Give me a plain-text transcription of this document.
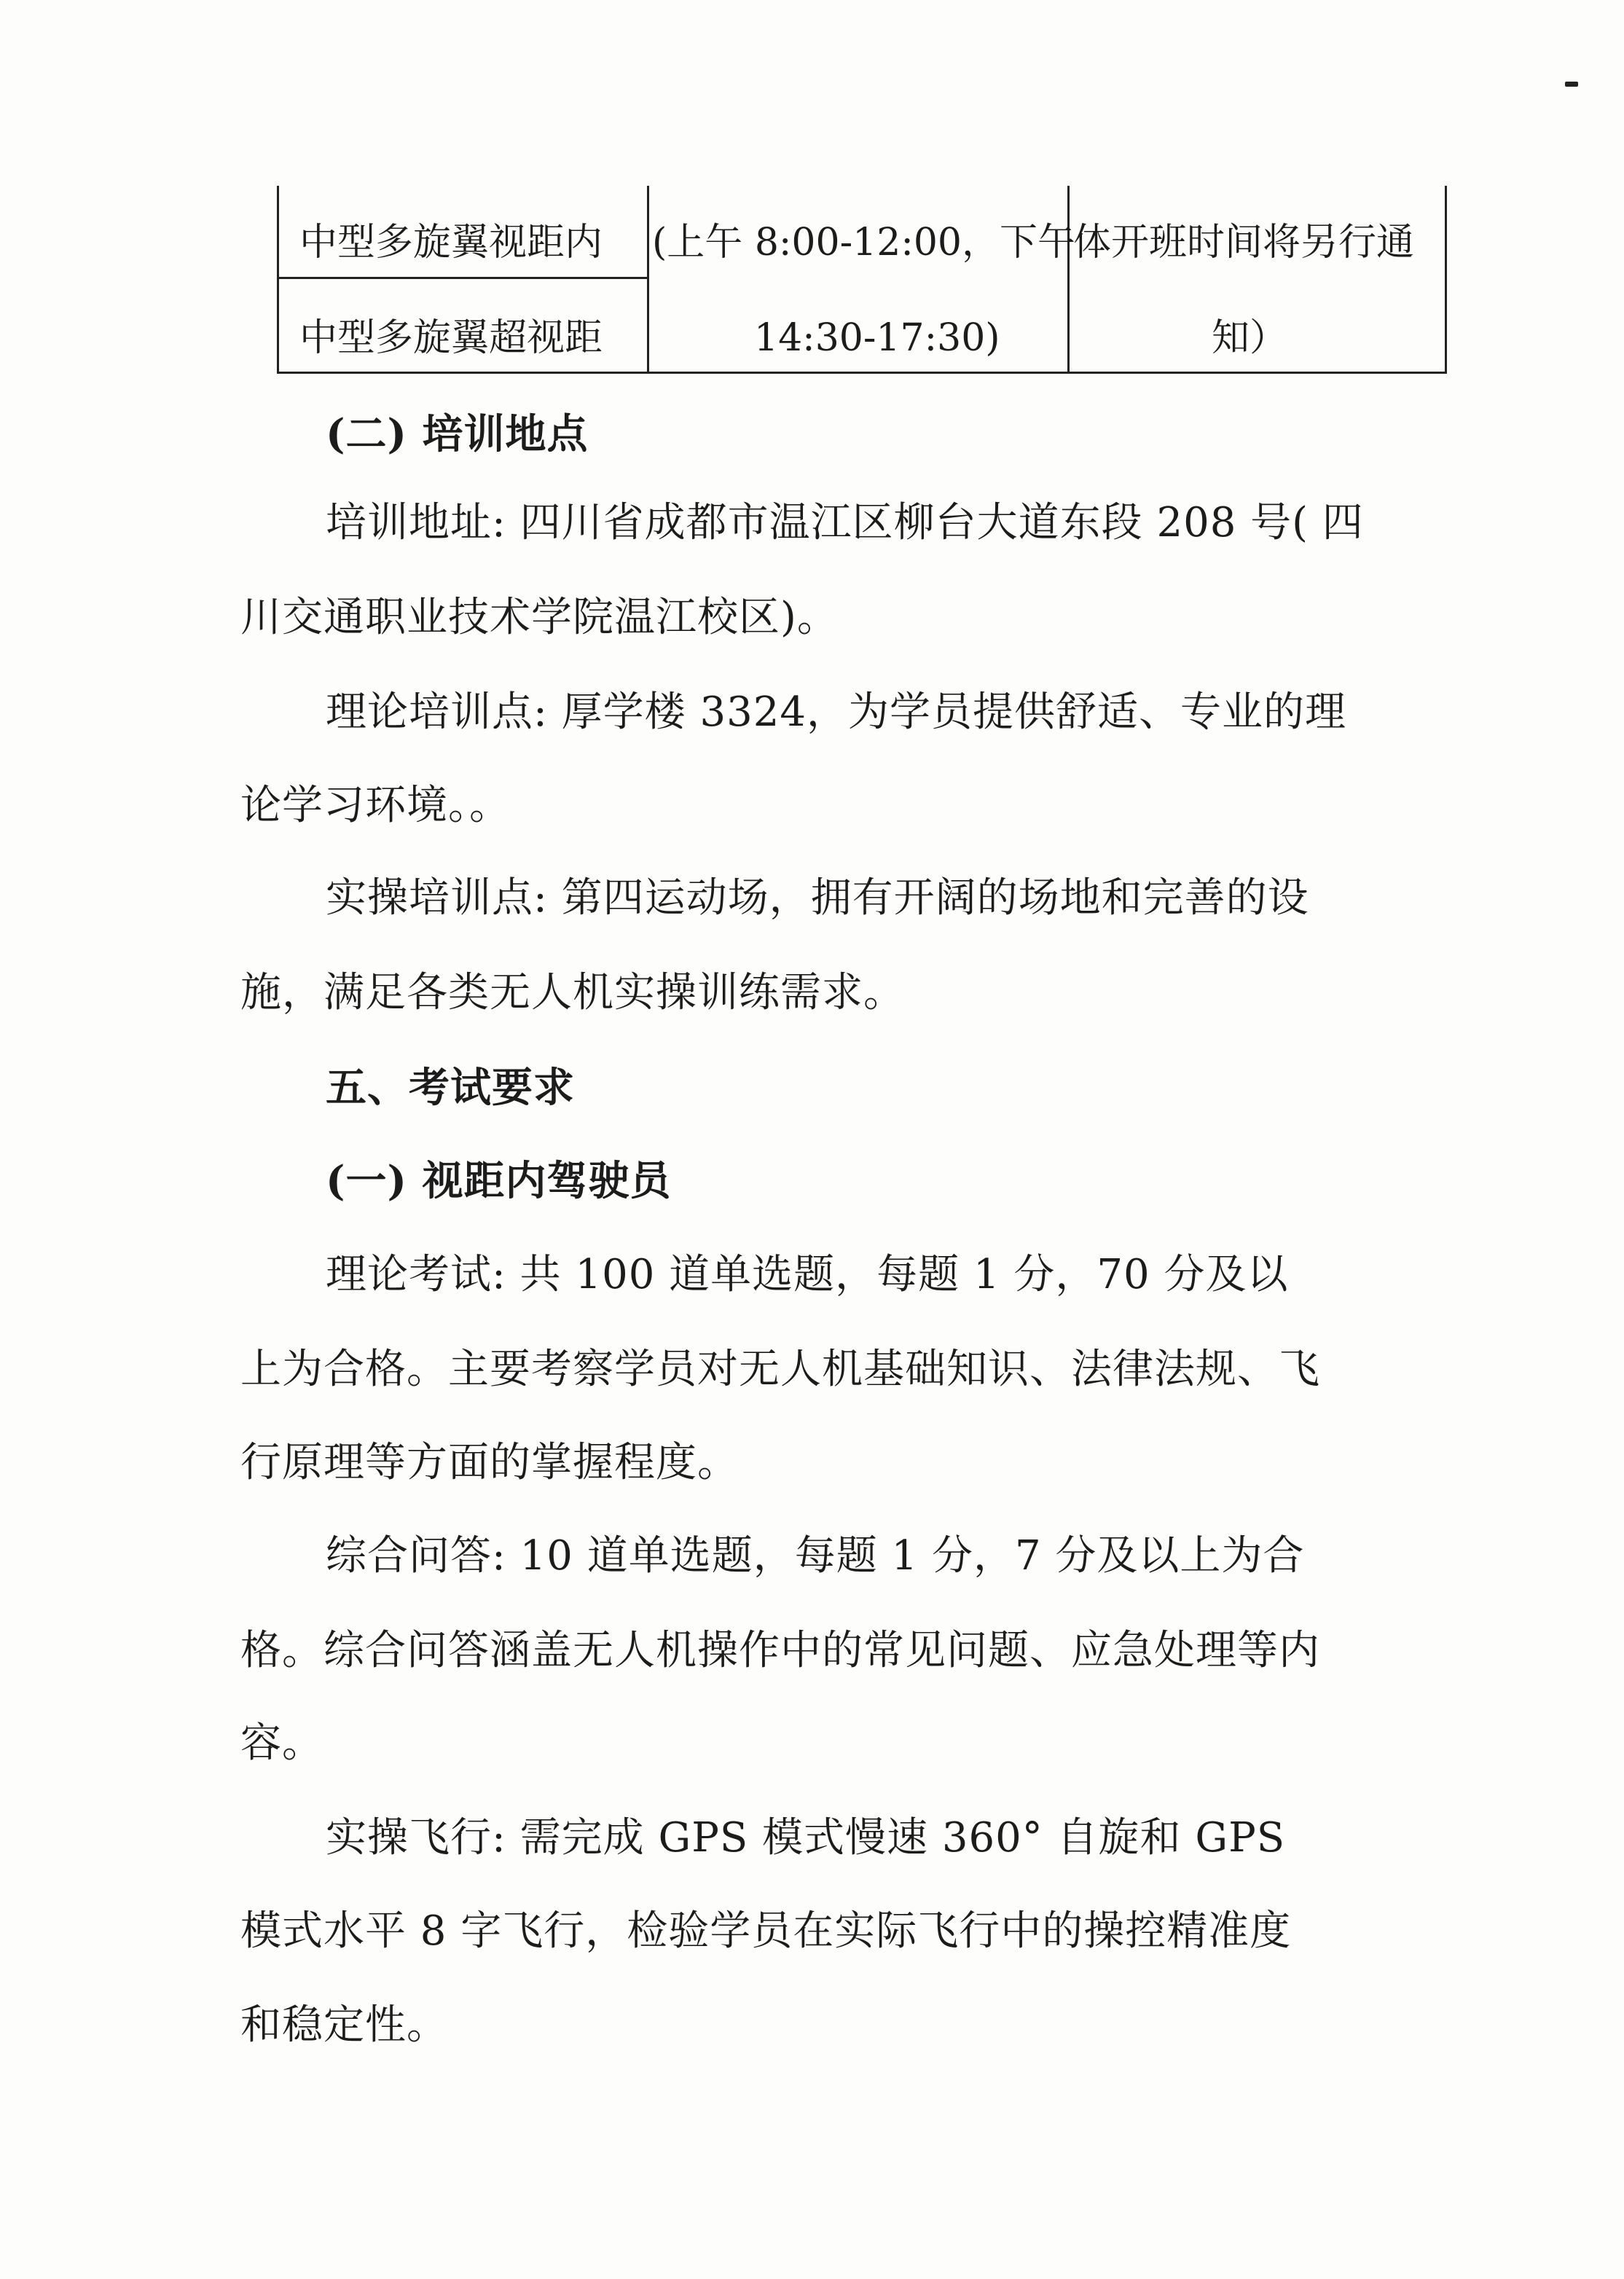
中型多旋翼视距内 (上午 8:00-12:00，下午
体开班时间将另行通
中型多旋翼超视距	14:30-17:30)	知）
(二) 培训地点
培训地址: 四川省成都市温江区柳台大道东段 208 号( 四
川交通职业技术学院温江校区)。
理论培训点: 厚学楼 3324，为学员提供舒适、专业的理
论学习环境。。
实操培训点: 第四运动场，拥有开阔的场地和完善的设
施，满足各类无人机实操训练需求。
五、考试要求
(一) 视距内驾驶员
理论考试: 共 100 道单选题，每题 1 分，70 分及以
上为合格。主要考察学员对无人机基础知识、法律法规、飞
行原理等方面的掌握程度。
综合问答: 10 道单选题，每题 1 分，7 分及以上为合
格。综合问答涵盖无人机操作中的常见问题、应急处理等内
容。
实操飞行: 需完成 GPS 模式慢速 360° 自旋和 GPS
模式水平 8 字飞行，检验学员在实际飞行中的操控精准度
和稳定性。
